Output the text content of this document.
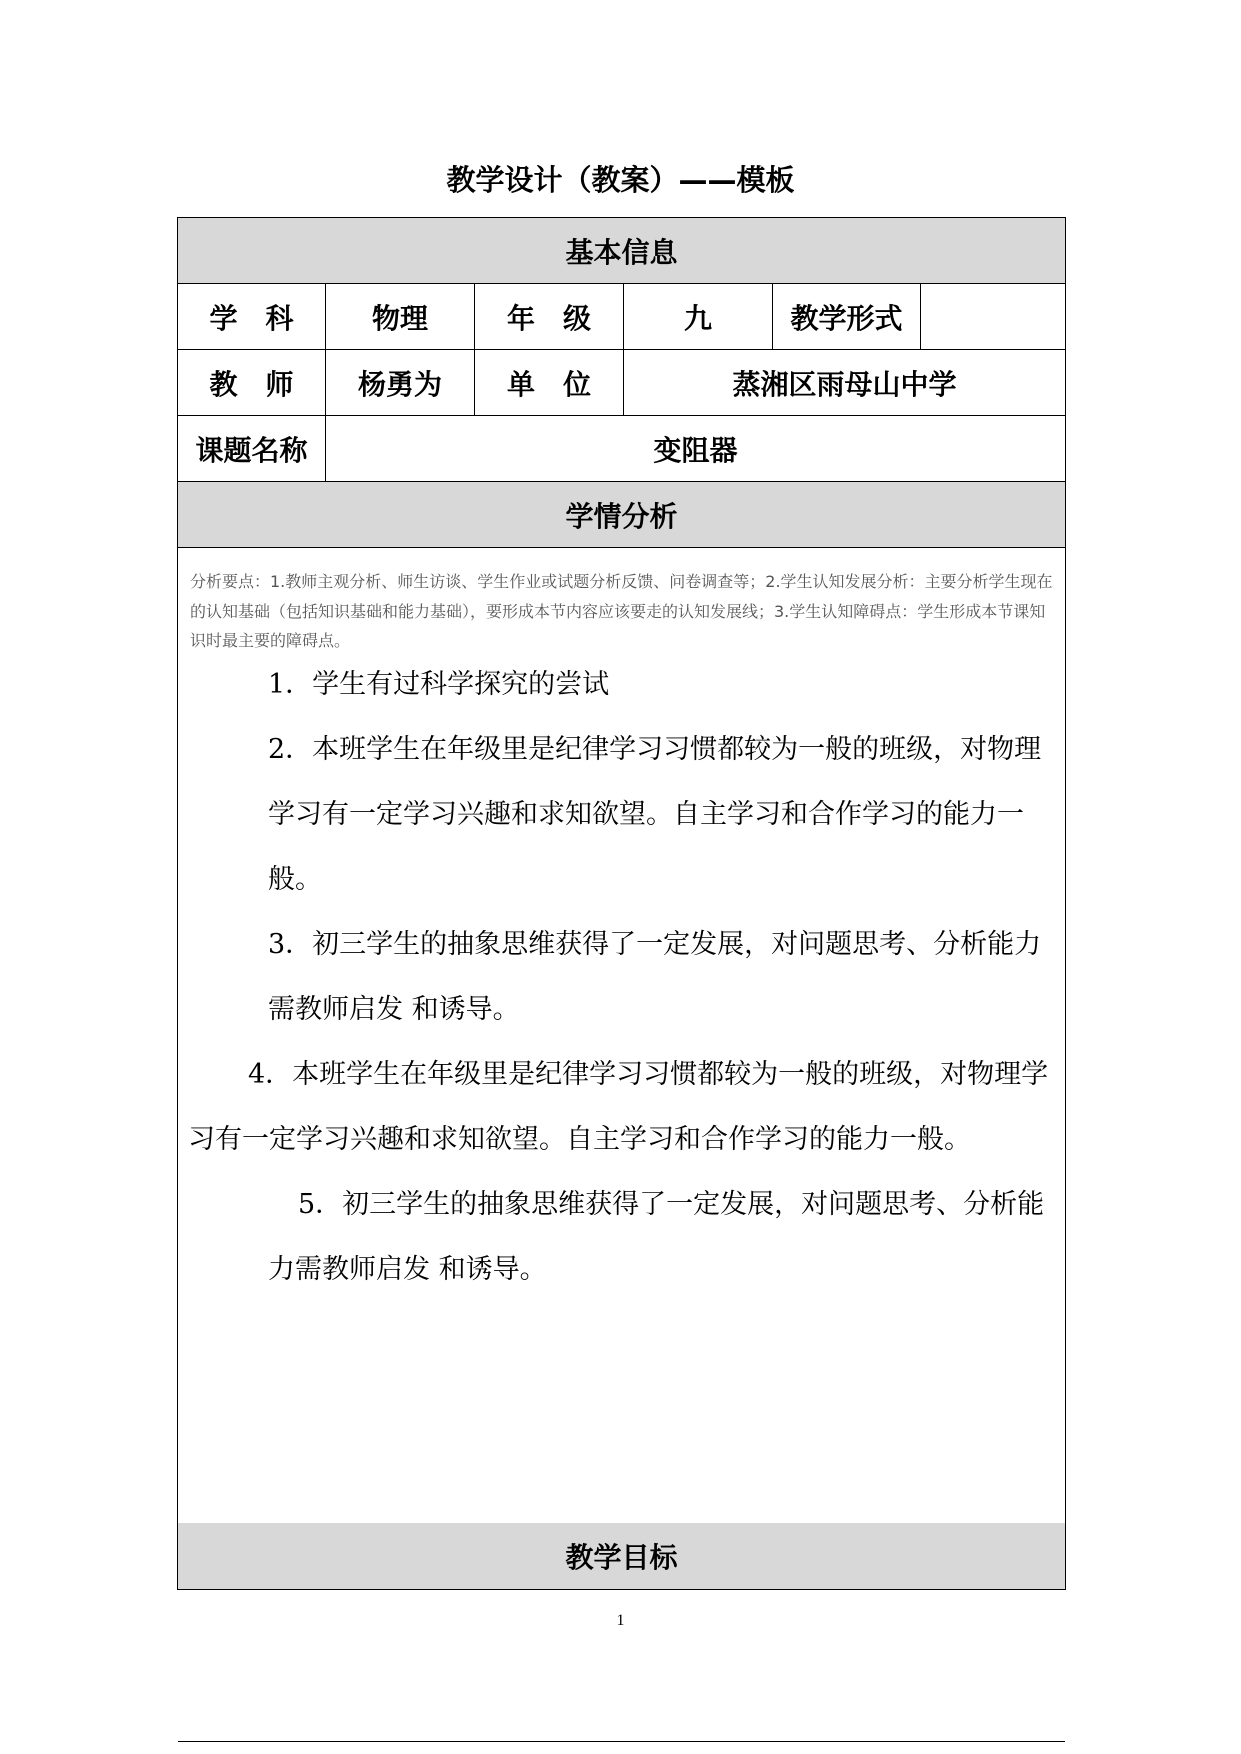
教学设计（教案）——模板
基本信息
学　科	物理	年　级	九	教学形式
教　师	杨勇为	单　位	蒸湘区雨母山中学
课题名称	变阻器
学情分析
分析要点：1.教师主观分析、师生访谈、学生作业或试题分析反馈、问卷调查等；2.学生认知发展分析：主要分析学生现在的认知基础（包括知识基础和能力基础），要形成本节内容应该要走的认知发展线；3.学生认知障碍点：学生形成本节课知识时最主要的障碍点。

1．学生有过科学探究的尝试

2．本班学生在年级里是纪律学习习惯都较为一般的班级，对物理学习有一定学习兴趣和求知欲望。自主学习和合作学习的能力一般。

3．初三学生的抽象思维获得了一定发展，对问题思考、分析能力需教师启发 和诱导。

4．本班学生在年级里是纪律学习习惯都较为一般的班级，对物理学习有一定学习兴趣和求知欲望。自主学习和合作学习的能力一般。

5．初三学生的抽象思维获得了一定发展，对问题思考、分析能力需教师启发 和诱导。

教学目标
1
